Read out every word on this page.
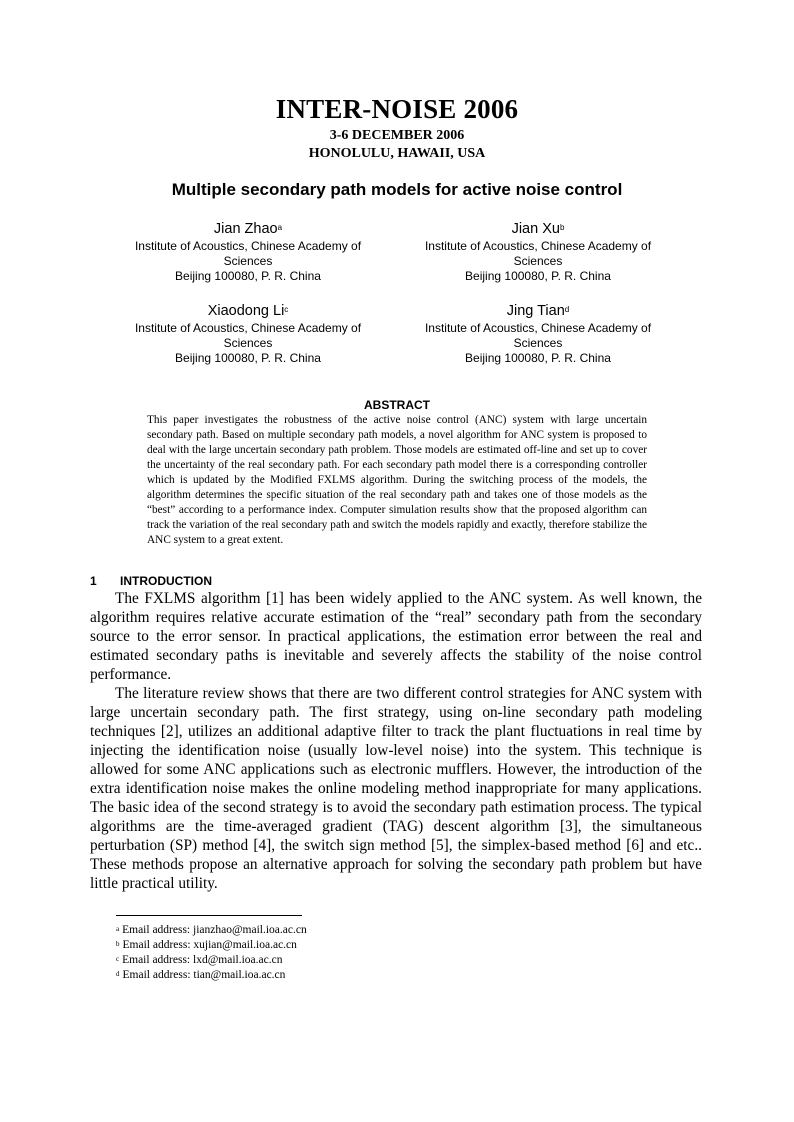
INTER-NOISE 2006
3-6 DECEMBER 2006
HONOLULU, HAWAII, USA
Multiple secondary path models for active noise control
Jian Zhao$^a$
Institute of Acoustics, Chinese Academy of
Sciences
Beijing 100080, P. R. China
Jian Xu$^b$
Institute of Acoustics, Chinese Academy of
Sciences
Beijing 100080, P. R. China
Xiaodong Li$^c$
Institute of Acoustics, Chinese Academy of
Sciences
Beijing 100080, P. R. China
Jing Tian$^d$
Institute of Acoustics, Chinese Academy of
Sciences
Beijing 100080, P. R. China
ABSTRACT

This paper investigates the robustness of the active noise control (ANC) system with large uncertain secondary path. Based on multiple secondary path models, a novel algorithm for ANC system is proposed to deal with the large uncertain secondary path problem. Those models are estimated off-line and set up to cover the uncertainty of the real secondary path. For each secondary path model there is a corresponding controller which is updated by the Modified FXLMS algorithm. During the switching process of the models, the algorithm determines the specific situation of the real secondary path and takes one of those models as the “best” according to a performance index. Computer simulation results show that the proposed algorithm can track the variation of the real secondary path and switch the models rapidly and exactly, therefore stabilize the ANC system to a great extent.

1 INTRODUCTION

The FXLMS algorithm [1] has been widely applied to the ANC system. As well known, the algorithm requires relative accurate estimation of the “real” secondary path from the secondary source to the error sensor. In practical applications, the estimation error between the real and estimated secondary paths is inevitable and severely affects the stability of the noise control performance.

The literature review shows that there are two different control strategies for ANC system with large uncertain secondary path. The first strategy, using on-line secondary path modeling techniques [2], utilizes an additional adaptive filter to track the plant fluctuations in real time by injecting the identification noise (usually low-level noise) into the system. This technique is allowed for some ANC applications such as electronic mufflers. However, the introduction of the extra identification noise makes the online modeling method inappropriate for many applications. The basic idea of the second strategy is to avoid the secondary path estimation process. The typical algorithms are the time-averaged gradient (TAG) descent algorithm [3], the simultaneous perturbation (SP) method [4], the switch sign method [5], the simplex-based method [6] and etc.. These methods propose an alternative approach for solving the secondary path problem but have little practical utility.

$^a$ Email address: jianzhao@mail.ioa.ac.cn
$^b$ Email address: xujian@mail.ioa.ac.cn
$^c$ Email address: lxd@mail.ioa.ac.cn
$^d$ Email address: tian@mail.ioa.ac.cn
